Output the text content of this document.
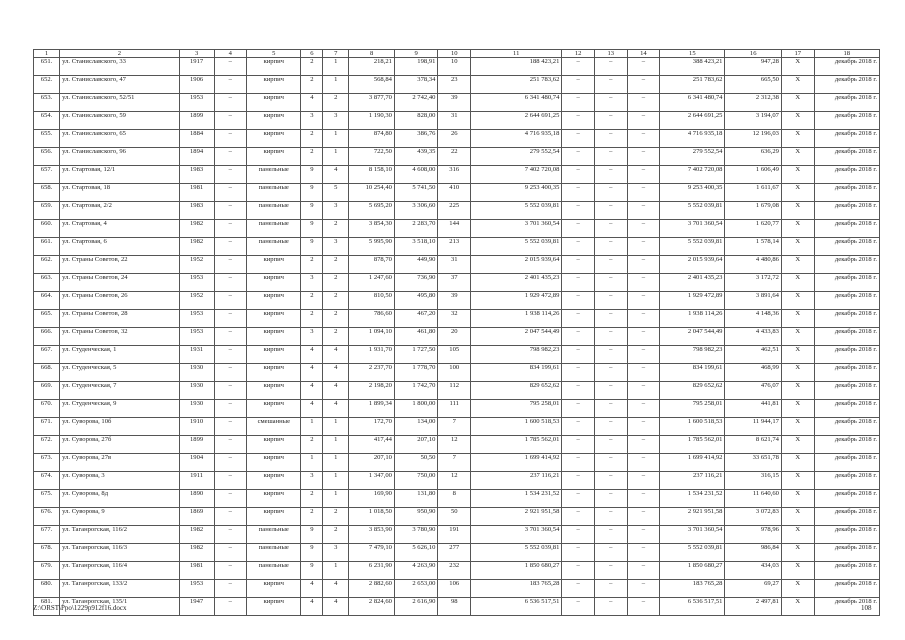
1	2	3	4	5	6	7	8	9	10	11	12	13	14	15	16	17	18
651.	ул. Станиславского, 33	1917	–	кирпич	2	1	218,21	198,91	10	188 423,21	–	–	–	388 423,21	947,28	Х	декабрь 2018 г.
652.	ул. Станиславского, 47	1906	–	кирпич	2	1	568,84	378,34	23	251 783,62	–	–	–	251 783,62	665,50	Х	декабрь 2018 г.
653.	ул. Станиславского, 52/51	1953	–	кирпич	4	2	3 877,70	2 742,40	39	6 341 480,74	–	–	–	6 341 480,74	2 312,38	Х	декабрь 2018 г.
654.	ул. Станиславского, 59	1899	–	кирпич	3	3	1 190,30	828,00	31	2 644 691,25	–	–	–	2 644 691,25	3 194,07	Х	декабрь 2018 г.
655.	ул. Станиславского, 65	1884	–	кирпич	2	1	874,80	386,76	26	4 716 935,18	–	–	–	4 716 935,18	12 196,03	Х	декабрь 2018 г.
656.	ул. Станиславского, 96	1894	–	кирпич	2	1	722,50	439,35	22	279 552,54	–	–	–	279 552,54	636,29	Х	декабрь 2018 г.
657.	ул. Стартовая, 12/1	1983	–	панельные	9	4	8 158,10	4 608,00	316	7 402 720,08	–	–	–	7 402 720,08	1 606,49	Х	декабрь 2018 г.
658.	ул. Стартовая, 18	1981	–	панельные	9	5	10 254,40	5 741,50	410	9 253 400,35	–	–	–	9 253 400,35	1 611,67	Х	декабрь 2018 г.
659.	ул. Стартовая, 2/2	1983	–	панельные	9	3	5 695,20	3 306,60	225	5 552 039,81	–	–	–	5 552 039,81	1 679,08	Х	декабрь 2018 г.
660.	ул. Стартовая, 4	1982	–	панельные	9	2	3 854,30	2 283,70	144	3 701 360,54	–	–	–	3 701 360,54	1 620,77	Х	декабрь 2018 г.
661.	ул. Стартовая, 6	1982	–	панельные	9	3	5 995,90	3 518,10	213	5 552 039,81	–	–	–	5 552 039,81	1 578,14	Х	декабрь 2018 г.
662.	ул. Страны Советов, 22	1952	–	кирпич	2	2	878,70	449,90	31	2 015 939,64	–	–	–	2 015 939,64	4 480,86	Х	декабрь 2018 г.
663.	ул. Страны Советов, 24	1953	–	кирпич	3	2	1 247,60	736,90	37	2 401 435,23	–	–	–	2 401 435,23	3 172,72	Х	декабрь 2018 г.
664.	ул. Страны Советов, 26	1952	–	кирпич	2	2	810,50	495,80	39	1 929 472,89	–	–	–	1 929 472,89	3 891,64	Х	декабрь 2018 г.
665.	ул. Страны Советов, 28	1953	–	кирпич	2	2	786,60	467,20	32	1 938 114,26	–	–	–	1 938 114,26	4 148,36	Х	декабрь 2018 г.
666.	ул. Страны Советов, 32	1953	–	кирпич	3	2	1 094,10	461,80	20	2 047 544,49	–	–	–	2 047 544,49	4 433,83	Х	декабрь 2018 г.
667.	ул. Студенческая, 1	1931	–	кирпич	4	4	1 931,70	1 727,50	105	798 982,23	–	–	–	798 982,23	462,51	Х	декабрь 2018 г.
668.	ул. Студенческая, 5	1930	–	кирпич	4	4	2 237,70	1 778,70	100	834 199,61	–	–	–	834 199,61	468,99	Х	декабрь 2018 г.
669.	ул. Студенческая, 7	1930	–	кирпич	4	4	2 198,20	1 742,70	112	829 652,62	–	–	–	829 652,62	476,07	Х	декабрь 2018 г.
670.	ул. Студенческая, 9	1930	–	кирпич	4	4	1 899,34	1 800,00	111	795 258,01	–	–	–	795 258,01	441,81	Х	декабрь 2018 г.
671.	ул. Суворова, 10б	1910	–	смешанные	1	1	172,70	134,00	7	1 600 518,53	–	–	–	1 600 518,53	11 944,17	Х	декабрь 2018 г.
672.	ул. Суворова, 27б	1899	–	кирпич	2	1	417,44	207,10	12	1 785 562,01	–	–	–	1 785 562,01	8 621,74	Х	декабрь 2018 г.
673.	ул. Суворова, 27в	1904	–	кирпич	1	1	207,10	50,50	7	1 699 414,92	–	–	–	1 699 414,92	33 651,78	Х	декабрь 2018 г.
674.	ул. Суворова, 3	1911	–	кирпич	3	1	1 347,00	750,00	12	237 116,21	–	–	–	237 116,21	316,15	Х	декабрь 2018 г.
675.	ул. Суворова, 8д	1890	–	кирпич	2	1	169,90	131,80	8	1 534 231,52	–	–	–	1 534 231,52	11 640,60	Х	декабрь 2018 г.
676.	ул. Суворова, 9	1869	–	кирпич	2	2	1 018,50	950,90	50	2 921 951,58	–	–	–	2 921 951,58	3 072,83	Х	декабрь 2018 г.
677.	ул. Таганрогская, 116/2	1982	–	панельные	9	2	3 853,90	3 780,90	191	3 701 360,54	–	–	–	3 701 360,54	978,96	Х	декабрь 2018 г.
678.	ул. Таганрогская, 116/3	1982	–	панельные	9	3	7 479,10	5 626,10	277	5 552 039,81	–	–	–	5 552 039,81	986,84	Х	декабрь 2018 г.
679.	ул. Таганрогская, 116/4	1981	–	панельные	9	1	6 231,90	4 263,90	232	1 850 680,27	–	–	–	1 850 680,27	434,03	Х	декабрь 2018 г.
680.	ул. Таганрогская, 133/2	1953	–	кирпич	4	4	2 882,60	2 653,00	106	183 765,28	–	–	–	183 765,28	69,27	Х	декабрь 2018 г.
681.	ул. Таганрогская, 135/1	1947	–	кирпич	4	4	2 824,60	2 616,90	98	6 536 517,51	–	–	–	6 536 517,51	2 497,81	Х	декабрь 2018 г.
Z:\ORST\Ppo\1229p912f16.docx	108
